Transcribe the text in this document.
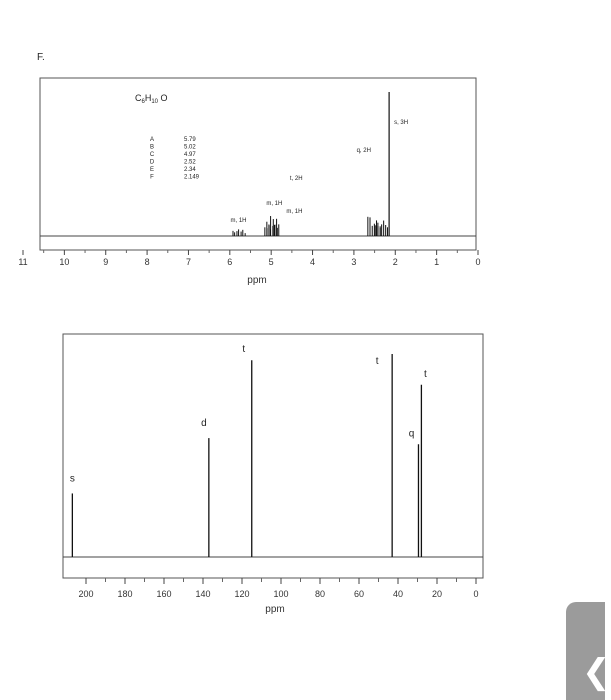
F.
C6H10 O
A	5.79
B	5.02
C	4.97
D	2.52
E	2.34
F	2.149
m, 1H
m, 1H
m, 1H
q, 2H
t, 2H
s, 3H
11	10	9	8	7	6	5	4	3	2	1	0
ppm
s
d
t
t
q
t
200	180	160	140	120	100	80	60	40	20	0
ppm
❮
